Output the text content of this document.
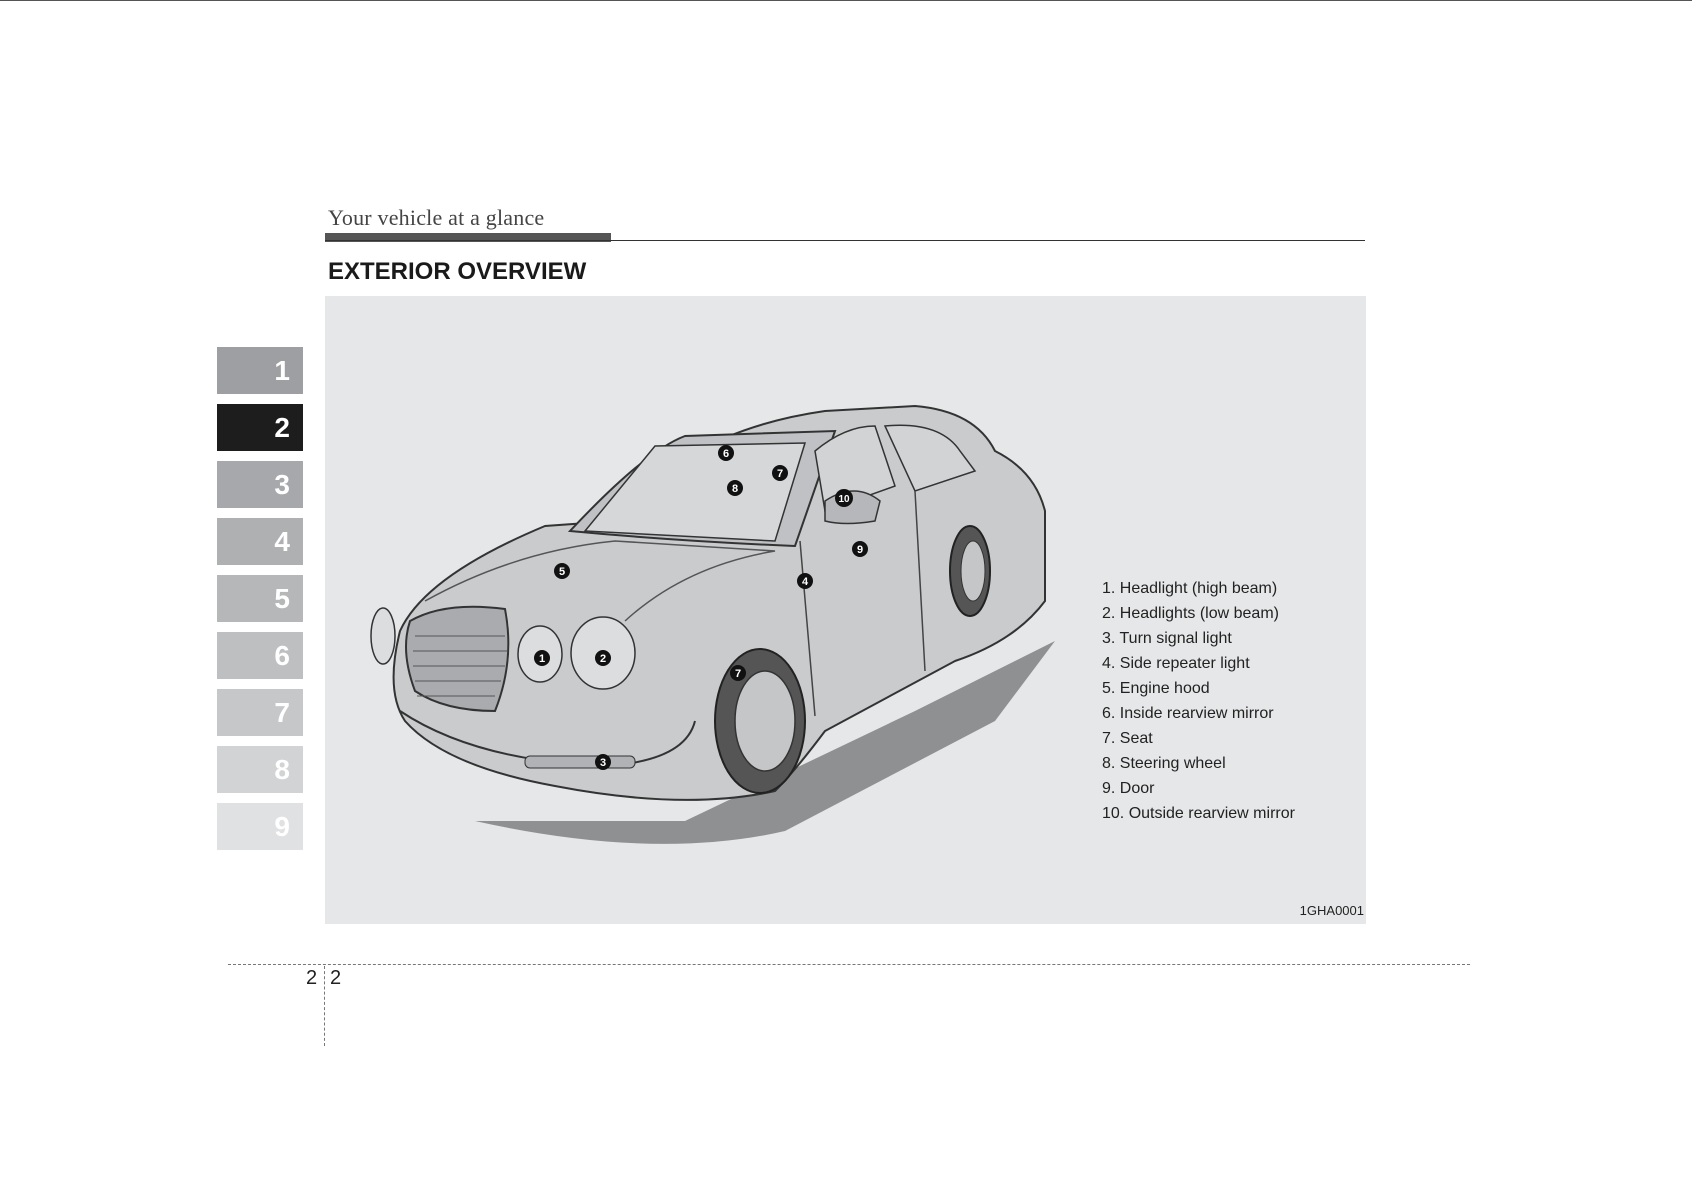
Your vehicle at a glance
EXTERIOR OVERVIEW
1
2
3
4
5
6
7
8
9
1	2
3
4
5
6
7
7
8
9
10
1. Headlight (high beam)
2. Headlights (low beam)
3. Turn signal light
4. Side repeater light
5. Engine hood
6. Inside rearview mirror
7. Seat
8. Steering wheel
9. Door
10. Outside rearview mirror
1GHA0001
2 2
